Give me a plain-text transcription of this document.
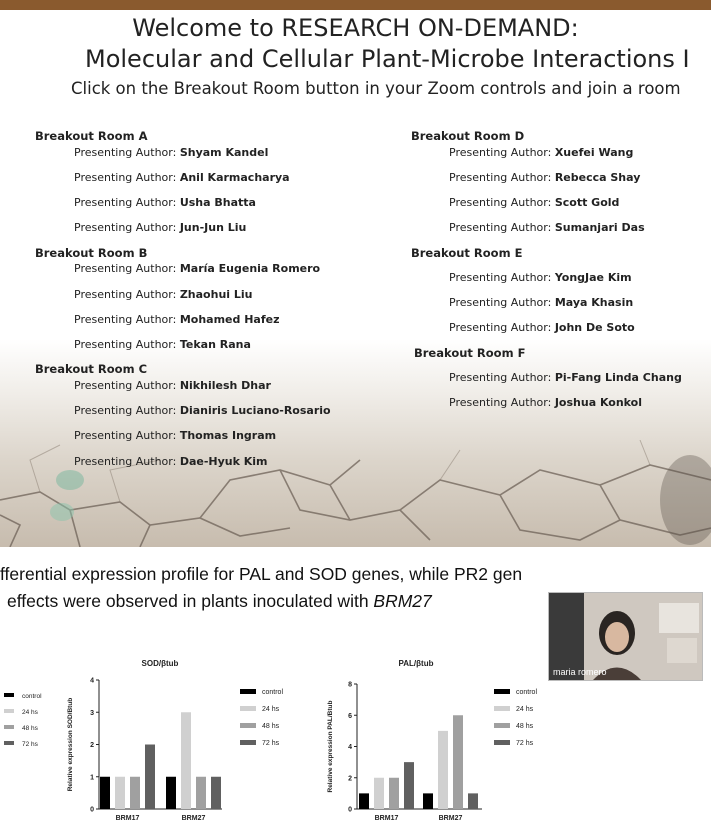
Welcome to RESEARCH ON-DEMAND:
Molecular and Cellular Plant-Microbe Interactions I
Click on the Breakout Room button in your Zoom controls and join a room
Breakout Room A
Presenting Author: Shyam Kandel
Presenting Author: Anil Karmacharya
Presenting Author: Usha Bhatta
Presenting Author: Jun-Jun Liu
Breakout Room B
Presenting Author: María Eugenia Romero
Presenting Author: Zhaohui Liu
Presenting Author: Mohamed Hafez
Presenting Author: Tekan Rana
Breakout Room C
Presenting Author: Nikhilesh Dhar
Presenting Author: Dianiris Luciano-Rosario
Presenting Author: Thomas Ingram
Presenting Author: Dae-Hyuk Kim
Breakout Room D
Presenting Author: Xuefei Wang
Presenting Author: Rebecca Shay
Presenting Author: Scott Gold
Presenting Author: Sumanjari Das
Breakout Room E
Presenting Author: YongJae Kim
Presenting Author: Maya Khasin
Presenting Author: John De Soto
Breakout Room F
Presenting Author: Pi-Fang Linda Chang
Presenting Author: Joshua Konkol
fferential expression profile for PAL and SOD genes, while PR2 gen
effects were observed in plants inoculated with BRM27
control
24 hs
48 hs
72 hs
control
24 hs
48 hs
72 hs
SOD/βtub
0
1
2
3
4
Relative expression SOD/Btub
BRM17	BRM27
control
24 hs
48 hs
72 hs
PAL/βtub
0
2
4
6
8
Relative expression PAL/Btub
BRM17	BRM27
maria romero
